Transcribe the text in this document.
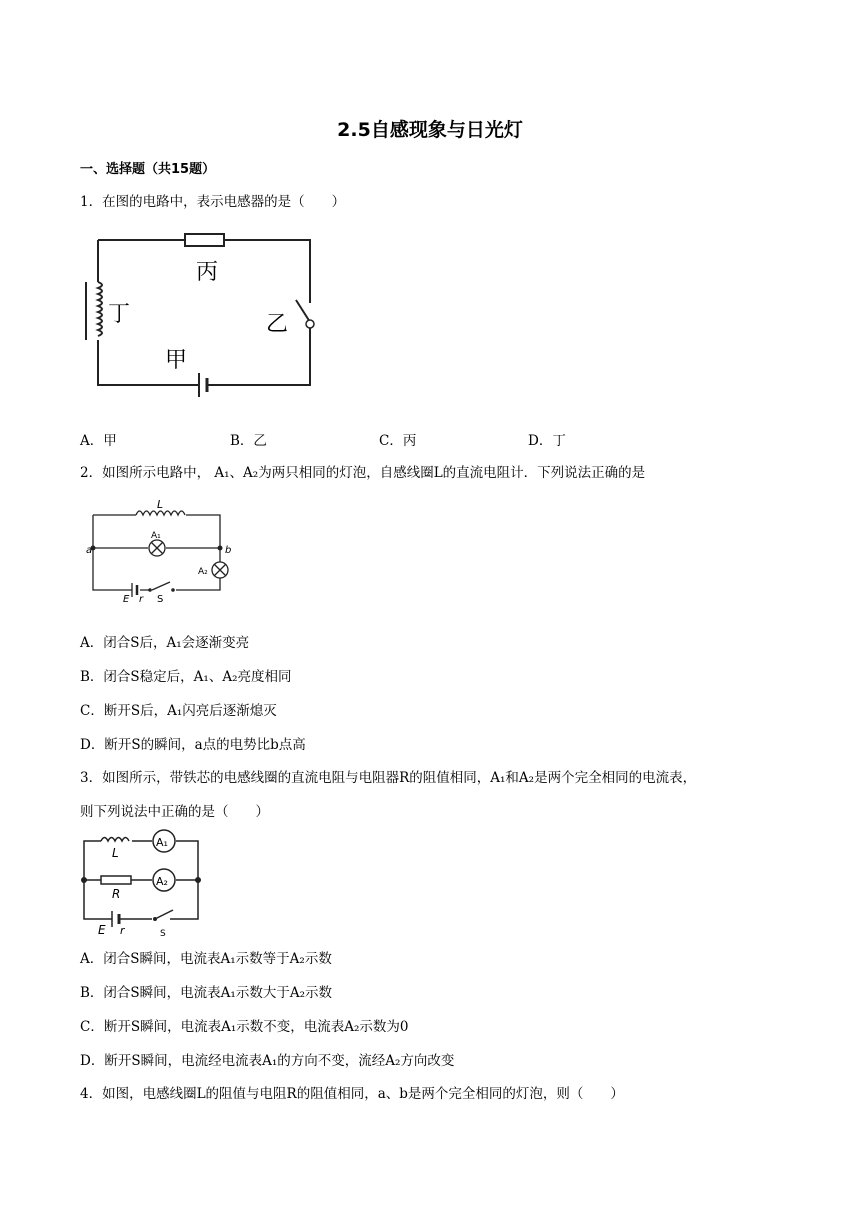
2.5自感现象与日光灯
一、选择题（共15题）
1．在图的电路中，表示电感器的是（　　）
丙
丁	乙
甲
A．甲	B．乙	C．丙	D．丁
2．如图所示电路中， A₁、A₂为两只相同的灯泡，自感线圈L的直流电阻计．下列说法正确的是
L
A₁
A₂
a	b
E r S
A．闭合S后，A₁会逐渐变亮
B．闭合S稳定后，A₁、A₂亮度相同
C．断开S后，A₁闪亮后逐渐熄灭
D．断开S的瞬间，a点的电势比b点高
3．如图所示，带铁芯的电感线圈的直流电阻与电阻器R的阻值相同，A₁和A₂是两个完全相同的电流表，
则下列说法中正确的是（　　）
A₁
A₂
L
R
E r	S
A．闭合S瞬间，电流表A₁示数等于A₂示数
B．闭合S瞬间，电流表A₁示数大于A₂示数
C．断开S瞬间，电流表A₁示数不变，电流表A₂示数为0
D．断开S瞬间，电流经电流表A₁的方向不变，流经A₂方向改变
4．如图，电感线圈L的阻值与电阻R的阻值相同，a、b是两个完全相同的灯泡，则（　　）
